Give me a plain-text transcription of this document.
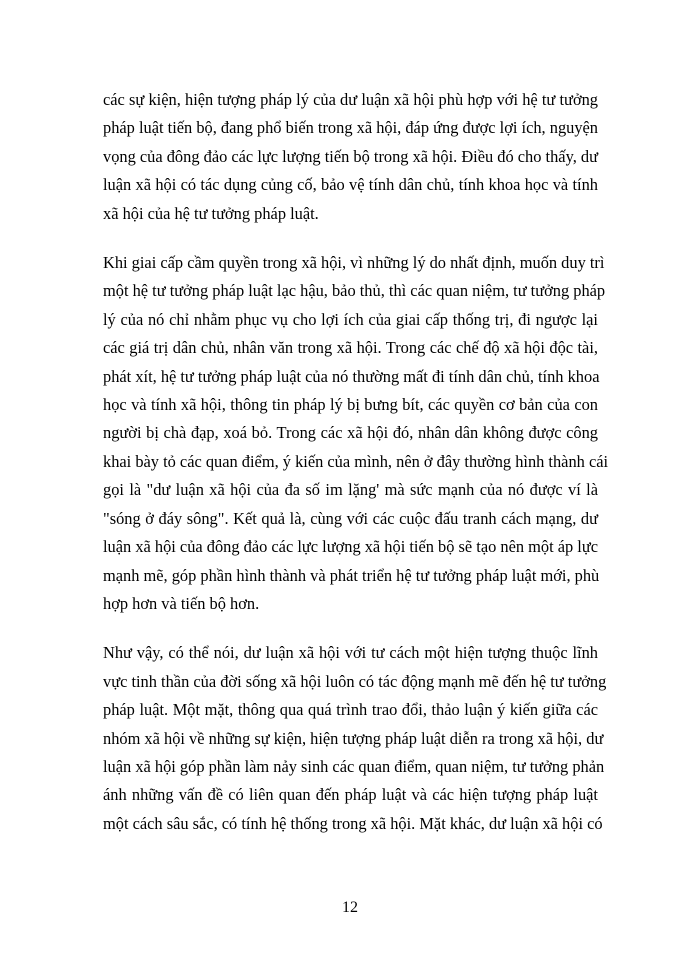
các sự kiện, hiện tượng pháp lý của dư luận xã hội phù hợp với hệ tư tưởng
pháp luật tiến bộ, đang phổ biến trong xã hội, đáp ứng được lợi ích, nguyện
vọng của đông đảo các lực lượng tiến bộ trong xã hội. Điều đó cho thấy, dư
luận xã hội có tác dụng củng cố, bảo vệ tính dân chủ, tính khoa học và tính
xã hội của hệ tư tưởng pháp luật.
Khi giai cấp cầm quyền trong xã hội, vì những lý do nhất định, muốn duy trì
một hệ tư tưởng pháp luật lạc hậu, bảo thủ, thì các quan niệm, tư tưởng pháp
lý của nó chỉ nhằm phục vụ cho lợi ích của giai cấp thống trị, đi ngược lại
các giá trị dân chủ, nhân văn trong xã hội. Trong các chế độ xã hội độc tài,
phát xít, hệ tư tưởng pháp luật của nó thường mất đi tính dân chủ, tính khoa
học và tính xã hội, thông tin pháp lý bị bưng bít, các quyền cơ bản của con
người bị chà đạp, xoá bỏ. Trong các xã hội đó, nhân dân không được công
khai bày tỏ các quan điểm, ý kiến của mình, nên ở đây thường hình thành cái
gọi là "dư luận xã hội của đa số im lặng' mà sức mạnh của nó được ví là
"sóng ở đáy sông". Kết quả là, cùng với các cuộc đấu tranh cách mạng, dư
luận xã hội của đông đảo các lực lượng xã hội tiến bộ sẽ tạo nên một áp lực
mạnh mẽ, góp phần hình thành và phát triển hệ tư tưởng pháp luật mới, phù
hợp hơn và tiến bộ hơn.
Như vậy, có thể nói, dư luận xã hội với tư cách một hiện tượng thuộc lĩnh
vực tinh thần của đời sống xã hội luôn có tác động mạnh mẽ đến hệ tư tưởng
pháp luật. Một mặt, thông qua quá trình trao đổi, thảo luận ý kiến giữa các
nhóm xã hội về những sự kiện, hiện tượng pháp luật diễn ra trong xã hội, dư
luận xã hội góp phần làm nảy sinh các quan điểm, quan niệm, tư tưởng phản
ánh những vấn đề có liên quan đến pháp luật và các hiện tượng pháp luật
một cách sâu sắc, có tính hệ thống trong xã hội. Mặt khác, dư luận xã hội có
12
